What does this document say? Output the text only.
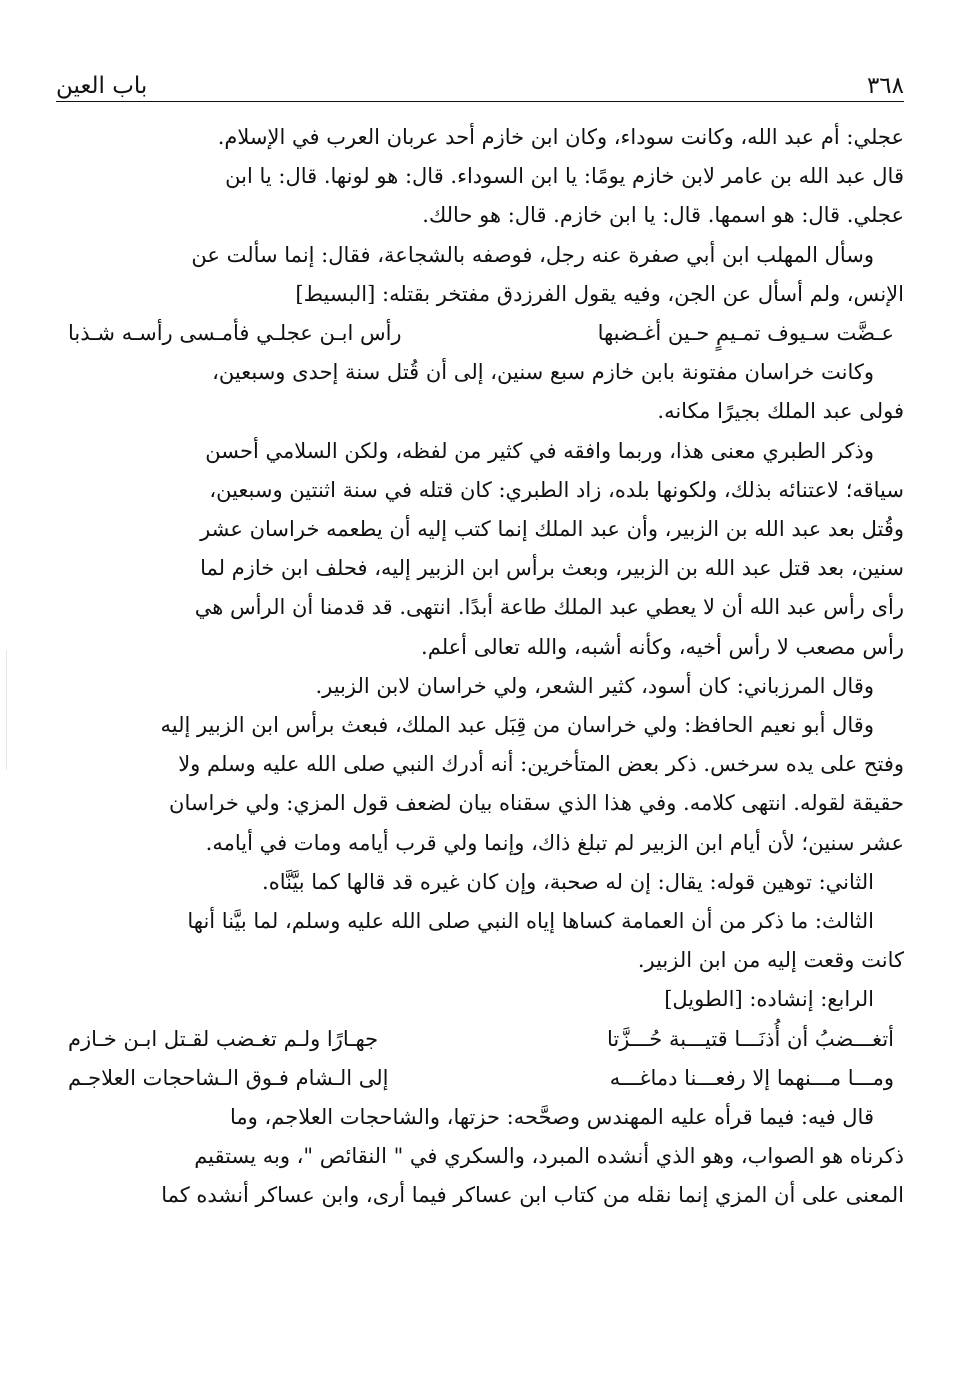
٣٦٨
باب العين

عجلي: أم عبد الله، وكانت سوداء، وكان ابن خازم أحد عربان العرب في الإسلام.

قال عبد الله بن عامر لابن خازم يومًا: يا ابن السوداء. قال: هو لونها. قال: يا ابن

عجلي. قال: هو اسمها. قال: يا ابن خازم. قال: هو حالك.

وسأل المهلب ابن أبي صفرة عنه رجل، فوصفه بالشجاعة، فقال: إنما سألت عن

الإنس، ولم أسأل عن الجن، وفيه يقول الفرزدق مفتخر بقتله: [البسيط]

عـضَّت سـيوف تمـيمٍ حـين أغـضبها
رأس ابـن عجلـي فأمـسى رأسـه شـذبا

وكانت خراسان مفتونة بابن خازم سبع سنين، إلى أن قُتل سنة إحدى وسبعين،

فولى عبد الملك بجيرًا مكانه.

وذكر الطبري معنى هذا، وربما وافقه في كثير من لفظه، ولكن السلامي أحسن

سياقه؛ لاعتنائه بذلك، ولكونها بلده، زاد الطبري: كان قتله في سنة اثنتين وسبعين،

وقُتل بعد عبد الله بن الزبير، وأن عبد الملك إنما كتب إليه أن يطعمه خراسان عشر

سنين، بعد قتل عبد الله بن الزبير، وبعث برأس ابن الزبير إليه، فحلف ابن خازم لما

رأى رأس عبد الله أن لا يعطي عبد الملك طاعة أبدًا. انتهى. قد قدمنا أن الرأس هي

رأس مصعب لا رأس أخيه، وكأنه أشبه، والله تعالى أعلم.

وقال المرزباني: كان أسود، كثير الشعر، ولي خراسان لابن الزبير.

وقال أبو نعيم الحافظ: ولي خراسان من قِبَل عبد الملك، فبعث برأس ابن الزبير إليه

وفتح على يده سرخس. ذكر بعض المتأخرين: أنه أدرك النبي صلى الله عليه وسلم ولا

حقيقة لقوله. انتهى كلامه. وفي هذا الذي سقناه بيان لضعف قول المزي: ولي خراسان

عشر سنين؛ لأن أيام ابن الزبير لم تبلغ ذاك، وإنما ولي قرب أيامه ومات في أيامه.

الثاني: توهين قوله: يقال: إن له صحبة، وإن كان غيره قد قالها كما بيَّنَّاه.

الثالث: ما ذكر من أن العمامة كساها إياه النبي صلى الله عليه وسلم، لما بيَّنا أنها

كانت وقعت إليه من ابن الزبير.

الرابع: إنشاده: [الطويل]

أتغـــضبُ أن أُذنَـــا قتيـــبة حُـــزَّتا
جهـارًا ولـم تغـضب لقـتل ابـن خـازم
ومـــا مـــنهما إلا رفعـــنا دماغـــه
إلى الـشام فـوق الـشاحجات العلاجـم

قال فيه: فيما قرأه عليه المهندس وصحَّحه: حزتها، والشاحجات العلاجم، وما

ذكرناه هو الصواب، وهو الذي أنشده المبرد، والسكري في " النقائص "، وبه يستقيم

المعنى على أن المزي إنما نقله من كتاب ابن عساكر فيما أرى، وابن عساكر أنشده كما
